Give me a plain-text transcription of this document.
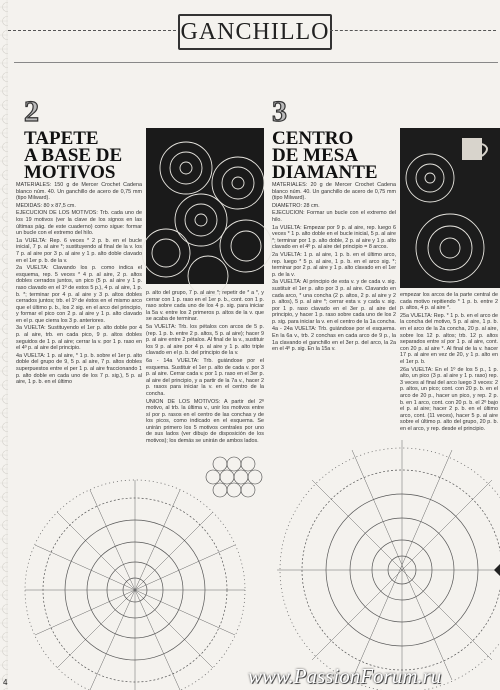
GANCHILLO
2
TAPETE
A BASE DE
MOTIVOS

MATERIALES: 150 g de Mercer Crochet Cadena blanco núm. 40. Un ganchillo de acero de 0,75 mm (tipo Milward).

MEDIDAS: 80 x 87,5 cm.

EJECUCION DE LOS MOTIVOS: Trb. cada uno de los 19 motivos (ver la clave de los signos en las últimas pág. de este cuaderno) como sigue: formar un bucle con el extremo del hilo.

1a VUELTA: Rep. 6 veces * 2 p. b. en el bucle inicial, 7 p. al aire *; sustituyendo al final de la v. los 7 p. al aire por 3 p. al aire y 1 p. alto doble clavado en el 1er p. b. de la v.

2a VUELTA: Clavando los p. como indica el esquema, rep. 5 veces * 4 p. al aire, 2 p. altos dobles cerrados juntos, un pico (5 p. al aire y 1 p. raso clavado en el 1º de estos 5 p.), 4 p. al aire, 1 p. b. *; terminar por 4 p. al aire y 3 p. altos dobles cerrados juntos; trb. el 1º de éstos en el mismo arco que el último p. b., los 2 sig. en el arco del principio, y formar el pico con 2 p. al aire y 1 p. alto clavado en el p. que cierra los 3 p. anteriores.

3a VUELTA: Sustituyendo el 1er p. alto doble por 4 p. al aire, trb. en cada pico, 9 p. altos dobles seguidos de 1 p. al aire; cerrar la v. por 1 p. raso en el 4º p. al aire del principio.

4a VUELTA: 1 p. al aire, * 1 p. b. sobre el 1er p. alto doble del grupo de 9, 5 p. al aire, 7 p. altos dobles superpuestos entre el per 1 p. al aire fraccionando 1 p. alto doble en cada uno de los 7 p. sig.), 5 p. al aire, 1 p. b. en el último

p. alto del grupo, 7 p. al aire *; repetir de * a *, y cerrar con 1 p. raso en el 1er p. b., cont. con 1 p. raso sobre cada uno de los 4 p. sig. para iniciar la 5a v. entre los 2 primeros p. altos de la v. que se acaba de terminar.

5a VUELTA: Trb. los pétalos con arcos de 5 p. (rep. 1 p. b. entre 2 p. altos, 5 p. al aire); hacer 9 p. al aire entre 2 pétalos. Al final de la v., sustituir los 9 p. al aire por 4 p. al aire y 1 p. alto triple clavado en el p. b. del principio de la v.

6a - 14a VUELTA: Trb. guiándose por el esquema. Sustituir el 1er p. alto de cada v. por 3 p. al aire. Cerrar cada v. por 1 p. raso en el 3er p. al aire del principio, y a partir de la 7a v., hacer 2 p. rasos para iniciar la v. en el centro de la concha.

UNION DE LOS MOTIVOS: A partir del 2º motivo, al trb. la última v., unir los motivos entre sí por p. rasos en el centro de las conchas y de los picos, como indicado en el esquema. Se unirán primero los 5 motivos centrales por uno de sus lados (ver dibujo de disposición de los motivos); los demás se unirán de ambos lados.

3
CENTRO
DE MESA
DIAMANTE

MATERIALES: 20 g de Mercer Crochet Cadena blanco núm. 40. Un ganchillo de acero de 0,75 mm (tipo Milward).

DIAMETRO: 28 cm.

EJECUCION: Formar un bucle con el extremo del hilo.

1a VUELTA: Empezar por 9 p. al aire, rep. luego 6 veces * 1 p. alto doble en el bucle inicial, 5 p. al aire *; terminar por 1 p. alto doble, 2 p. al aire y 1 p. alto clavado en el 4º p. al aire del principio = 8 arcos.

2a VUELTA: 1 p. al aire, 1 p. b. en el último arco, rep. luego * 5 p. al aire, 1 p. b. en el arco sig. *; terminar por 2 p. al aire y 1 p. alto clavado en el 1er p. de la v.

3a VUELTA: Al principio de esta v. y de cada v. sig. sustituir el 1er p. alto por 3 p. al aire. Clavando en cada arco, * una concha (2 p. altos, 2 p. al aire y 2 p. altos), 5 p. al aire *; cerrar esta v. y cada v. sig. por 1 p. raso clavado en el 3er p. al aire del principio, y hacer 1 p. raso sobre cada uno de los 2 p. sig. para iniciar la v. en el centro de la 1a concha.

4a - 24a VUELTA: Trb. guiándose por el esquema. En la 6a v., trb. 2 conchas en cada arco de 9 p., la 1a clavando el ganchillo en el 3er p. del arco, la 2a en el 4º p. sig. En la 15a v.

empezar los arcos de la parte central de cada motivo repitiendo * 1 p. b. entre 2 p. altos, 4 p. al aire *.

25a VUELTA: Rep. * 1 p. b. en el arco de la concha del motivo, 5 p. al aire, 1 p. b. en el arco de la 2a concha, 20 p. al aire, sobre los 12 p. altos; trb. 12 p. altos separados entre sí por 1 p. al aire, cont. con 20 p. al aire *. Al final de la v. hacer 17 p. al aire en vez de 20, y 1 p. alto en el 1er p. b.

26a VUELTA: En el 1º de los 5 p., 1 p. alto, un pico (3 p. al aire y 1 p. raso) rep. 3 veces al final del arco luego 3 veces: 2 p. altos, un pico; cont. con 20 p. b. en el arco de 20 p., hacer un pico, y rep. 2 p. b. en 1 arco, cont. con 20 p. b. el 2º bajo el p. al aire; hacer 2 p. b. en el último arco, cont. (11 veces), hacer 5 p. al aire sobre el último p. alto del grupo, 20 p. b. en el arco, y rep. desde el principio.

4	www.PassionForum.ru
